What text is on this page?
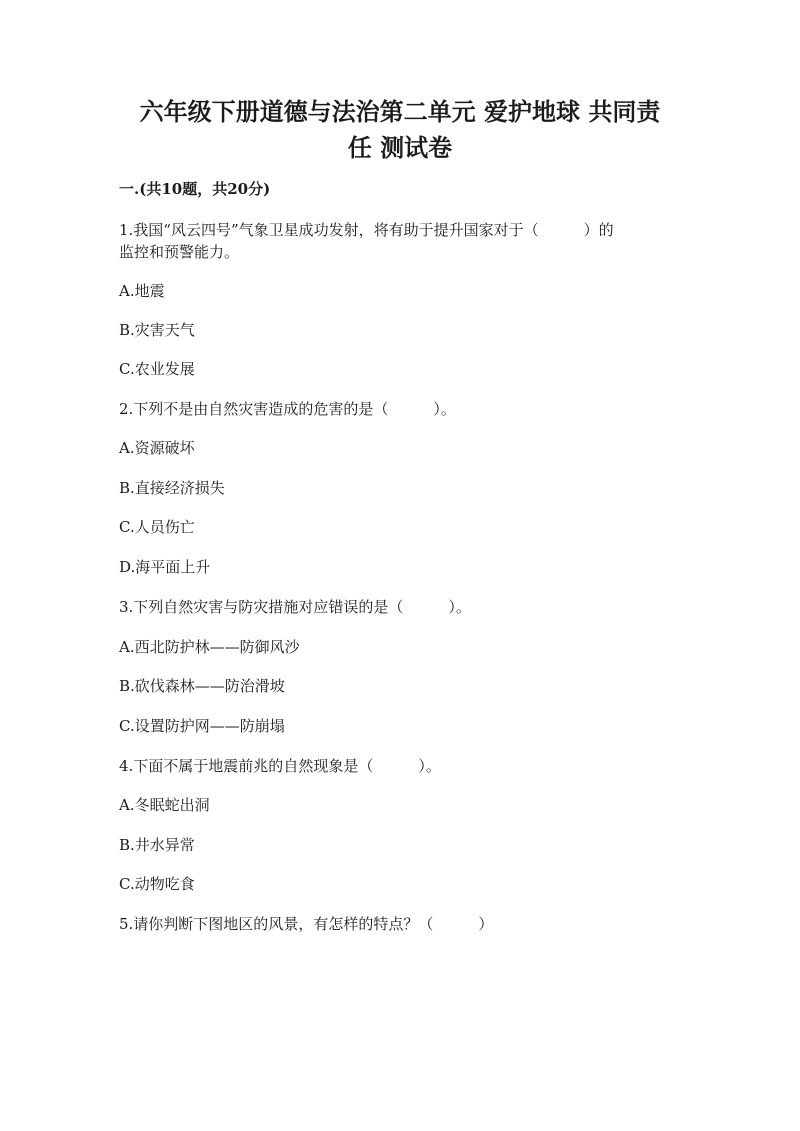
六年级下册道德与法治第二单元 爱护地球 共同责
任 测试卷
一.(共10题，共20分)
1.我国“风云四号”气象卫星成功发射，将有助于提升国家对于（　　　）的
监控和预警能力。
A.地震
B.灾害天气
C.农业发展
2.下列不是由自然灾害造成的危害的是（　　　）。
A.资源破坏
B.直接经济损失
C.人员伤亡
D.海平面上升
3.下列自然灾害与防灾措施对应错误的是（　　　）。
A.西北防护林——防御风沙
B.砍伐森林——防治滑坡
C.设置防护网——防崩塌
4.下面不属于地震前兆的自然现象是（　　　）。
A.冬眠蛇出洞
B.井水异常
C.动物吃食
5.请你判断下图地区的风景，有怎样的特点？（　　　）
